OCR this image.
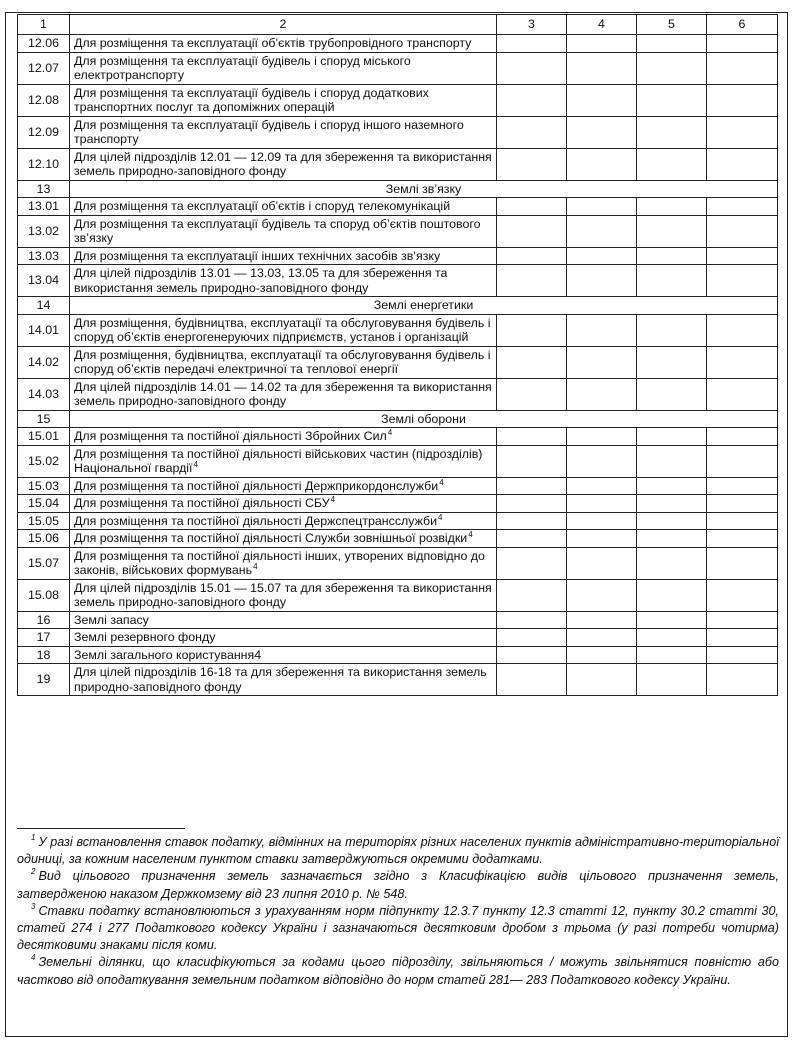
1	2	3	4	5	6
12.06	Для розміщення та експлуатації об’єктів трубопровідного транспорту				
12.07	Для розміщення та експлуатації будівель і споруд міського електротранспорту				
12.08	Для розміщення та експлуатації будівель і споруд додаткових транспортних послуг та допоміжних операцій				
12.09	Для розміщення та експлуатації будівель і споруд іншого наземного транспорту				
12.10	Для цілей підрозділів 12.01 — 12.09 та для збереження та використання земель природно-заповідного фонду				
13	Землі зв’язку				
13.01	Для розміщення та експлуатації об’єктів і споруд телекомунікацій				
13.02	Для розміщення та експлуатації будівель та споруд об’єктів поштового зв’язку				
13.03	Для розміщення та експлуатації інших технічних засобів зв’язку				
13.04	Для цілей підрозділів 13.01 — 13.03, 13.05 та для збереження та використання земель природно-заповідного фонду				
14	Землі енергетики				
14.01	Для розміщення, будівництва, експлуатації та обслуговування будівель і споруд об’єктів енергогенеруючих підприємств, установ і організацій				
14.02	Для розміщення, будівництва, експлуатації та обслуговування будівель і споруд об’єктів передачі електричної та теплової енергії				
14.03	Для цілей підрозділів 14.01 — 14.02 та для збереження та використання земель природно-заповідного фонду				
15	Землі оборони				
15.01	Для розміщення та постійної діяльності Збройних Сил$^4$				
15.02	Для розміщення та постійної діяльності військових частин (підрозділів) Національної гвардії$^4$				
15.03	Для розміщення та постійної діяльності Держприкордонслужби$^4$				
15.04	Для розміщення та постійної діяльності СБУ$^4$				
15.05	Для розміщення та постійної діяльності Держспецтрансслужби$^4$				
15.06	Для розміщення та постійної діяльності Служби зовнішньої розвідки$^4$				
15.07	Для розміщення та постійної діяльності інших, утворених відповідно до законів, військових формувань$^4$				
15.08	Для цілей підрозділів 15.01 — 15.07 та для збереження та використання земель природно-заповідного фонду				
16	Землі запасу				
17	Землі резервного фонду				
18	Землі загального користування4				
19	Для цілей підрозділів 16-18 та для збереження та використання земель природно-заповідного фонду				

$^1$ У разі встановлення ставок податку, відмінних на територіях різних населених пунктів адміністративно-територіальної одиниці, за кожним населеним пунктом ставки затверджуються окремими додатками.

$^2$ Вид цільового призначення земель зазначається згідно з Класифікацією видів цільового призначення земель, затвердженою наказом Держкомзему від 23 липня 2010 р. № 548.

$^3$ Ставки податку встановлюються з урахуванням норм підпункту 12.3.7 пункту 12.3 статті 12, пункту 30.2 статті 30, статей 274 і 277 Податкового кодексу України і зазначаються десятковим дробом з трьома (у разі потреби чотирма) десятковими знаками після коми.

$^4$ Земельні ділянки, що класифікуються за кодами цього підрозділу, звільняються / можуть звільнятися повністю або частково від оподаткування земельним податком відповідно до норм статей 281— 283 Податкового кодексу України.
